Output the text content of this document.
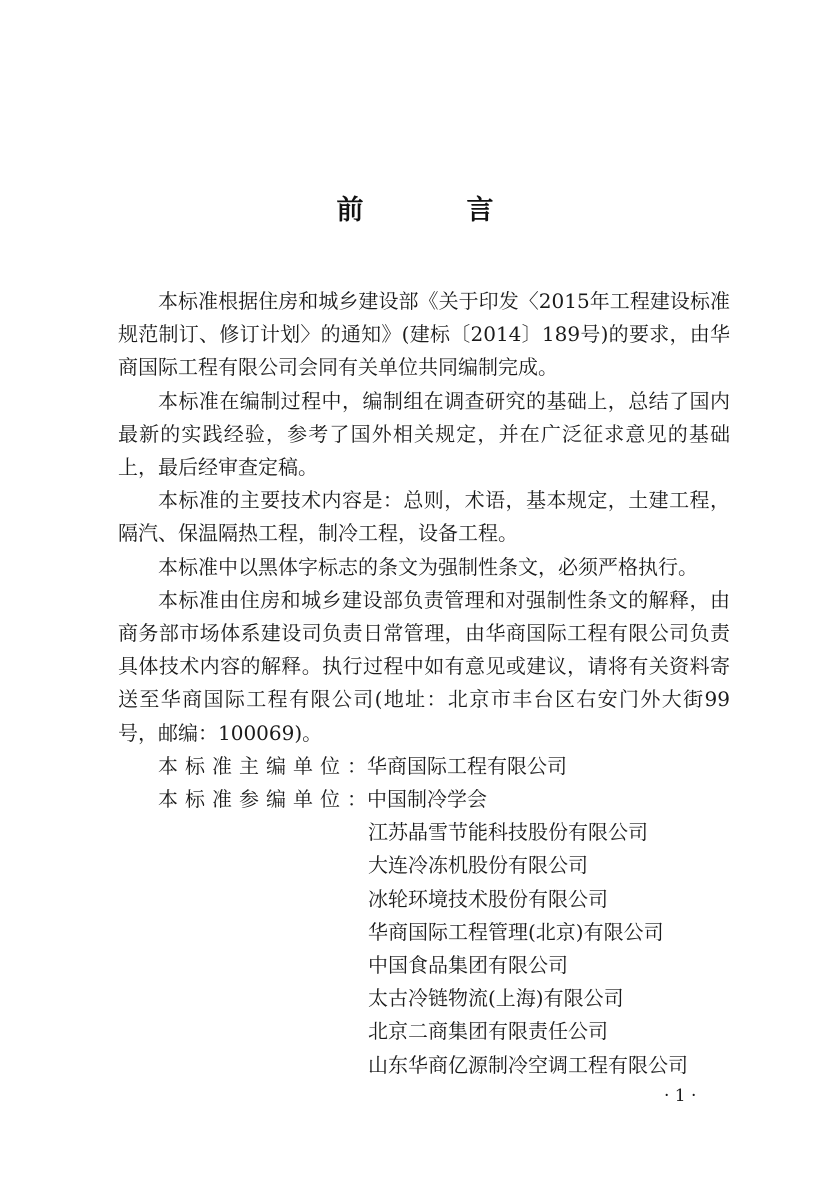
前　言

本标准根据住房和城乡建设部《关于印发〈2015年工程建设标准规范制订、修订计划〉的通知》(建标〔2014〕189号)的要求，由华商国际工程有限公司会同有关单位共同编制完成。

本标准在编制过程中，编制组在调查研究的基础上，总结了国内最新的实践经验，参考了国外相关规定，并在广泛征求意见的基础上，最后经审查定稿。

本标准的主要技术内容是：总则，术语，基本规定，土建工程，隔汽、保温隔热工程，制冷工程，设备工程。

本标准中以黑体字标志的条文为强制性条文，必须严格执行。

本标准由住房和城乡建设部负责管理和对强制性条文的解释，由商务部市场体系建设司负责日常管理，由华商国际工程有限公司负责具体技术内容的解释。执行过程中如有意见或建议，请将有关资料寄送至华商国际工程有限公司(地址：北京市丰台区右安门外大街99号，邮编：100069)。

本标准主编单位 ： 华商国际工程有限公司
本标准参编单位 ： 中国制冷学会
江苏晶雪节能科技股份有限公司
大连冷冻机股份有限公司
冰轮环境技术股份有限公司
华商国际工程管理(北京)有限公司
中国食品集团有限公司
太古冷链物流(上海)有限公司
北京二商集团有限责任公司
山东华商亿源制冷空调工程有限公司
· 1 ·
